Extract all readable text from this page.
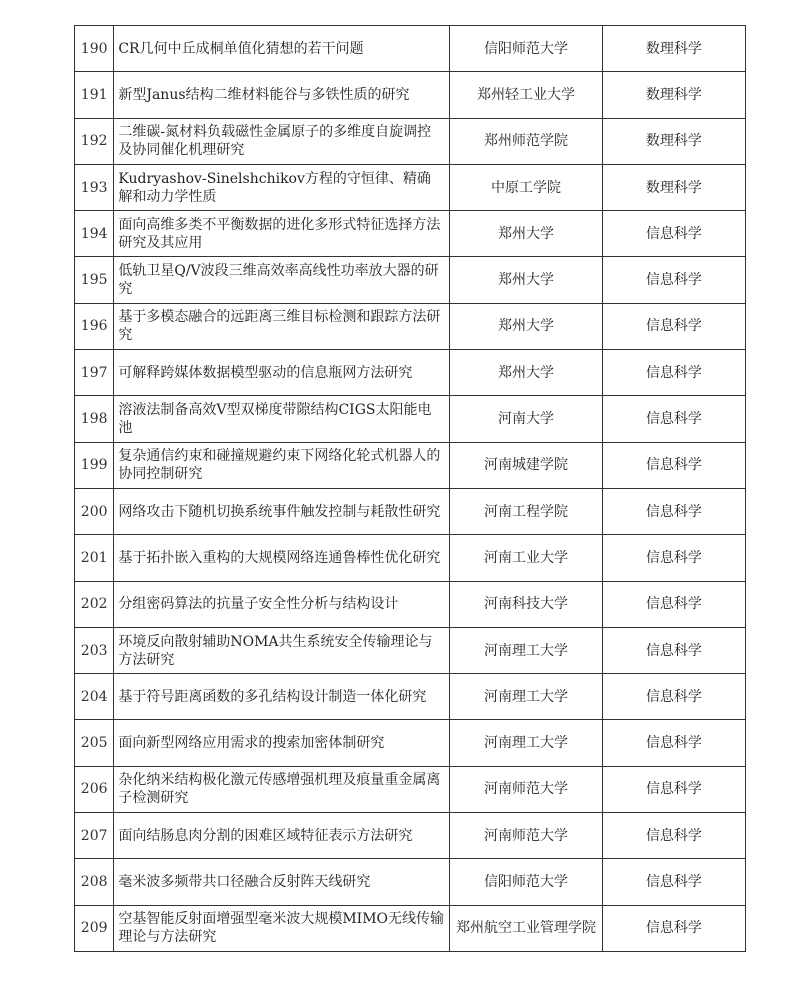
190	CR几何中丘成桐单值化猜想的若干问题	信阳师范大学	数理科学
191	新型Janus结构二维材料能谷与多铁性质的研究	郑州轻工业大学	数理科学
192	二维碳-氮材料负载磁性金属原子的多维度自旋调控及协同催化机理研究	郑州师范学院	数理科学
193	Kudryashov-Sinelshchikov方程的守恒律、精确解和动力学性质	中原工学院	数理科学
194	面向高维多类不平衡数据的进化多形式特征选择方法研究及其应用	郑州大学	信息科学
195	低轨卫星Q/V波段三维高效率高线性功率放大器的研究	郑州大学	信息科学
196	基于多模态融合的远距离三维目标检测和跟踪方法研究	郑州大学	信息科学
197	可解释跨媒体数据模型驱动的信息瓶网方法研究	郑州大学	信息科学
198	溶液法制备高效V型双梯度带隙结构CIGS太阳能电池	河南大学	信息科学
199	复杂通信约束和碰撞规避约束下网络化轮式机器人的协同控制研究	河南城建学院	信息科学
200	网络攻击下随机切换系统事件触发控制与耗散性研究	河南工程学院	信息科学
201	基于拓扑嵌入重构的大规模网络连通鲁棒性优化研究	河南工业大学	信息科学
202	分组密码算法的抗量子安全性分析与结构设计	河南科技大学	信息科学
203	环境反向散射辅助NOMA共生系统安全传输理论与方法研究	河南理工大学	信息科学
204	基于符号距离函数的多孔结构设计制造一体化研究	河南理工大学	信息科学
205	面向新型网络应用需求的搜索加密体制研究	河南理工大学	信息科学
206	杂化纳米结构极化激元传感增强机理及痕量重金属离子检测研究	河南师范大学	信息科学
207	面向结肠息肉分割的困难区域特征表示方法研究	河南师范大学	信息科学
208	毫米波多频带共口径融合反射阵天线研究	信阳师范大学	信息科学
209	空基智能反射面增强型毫米波大规模MIMO无线传输理论与方法研究	郑州航空工业管理学院	信息科学
